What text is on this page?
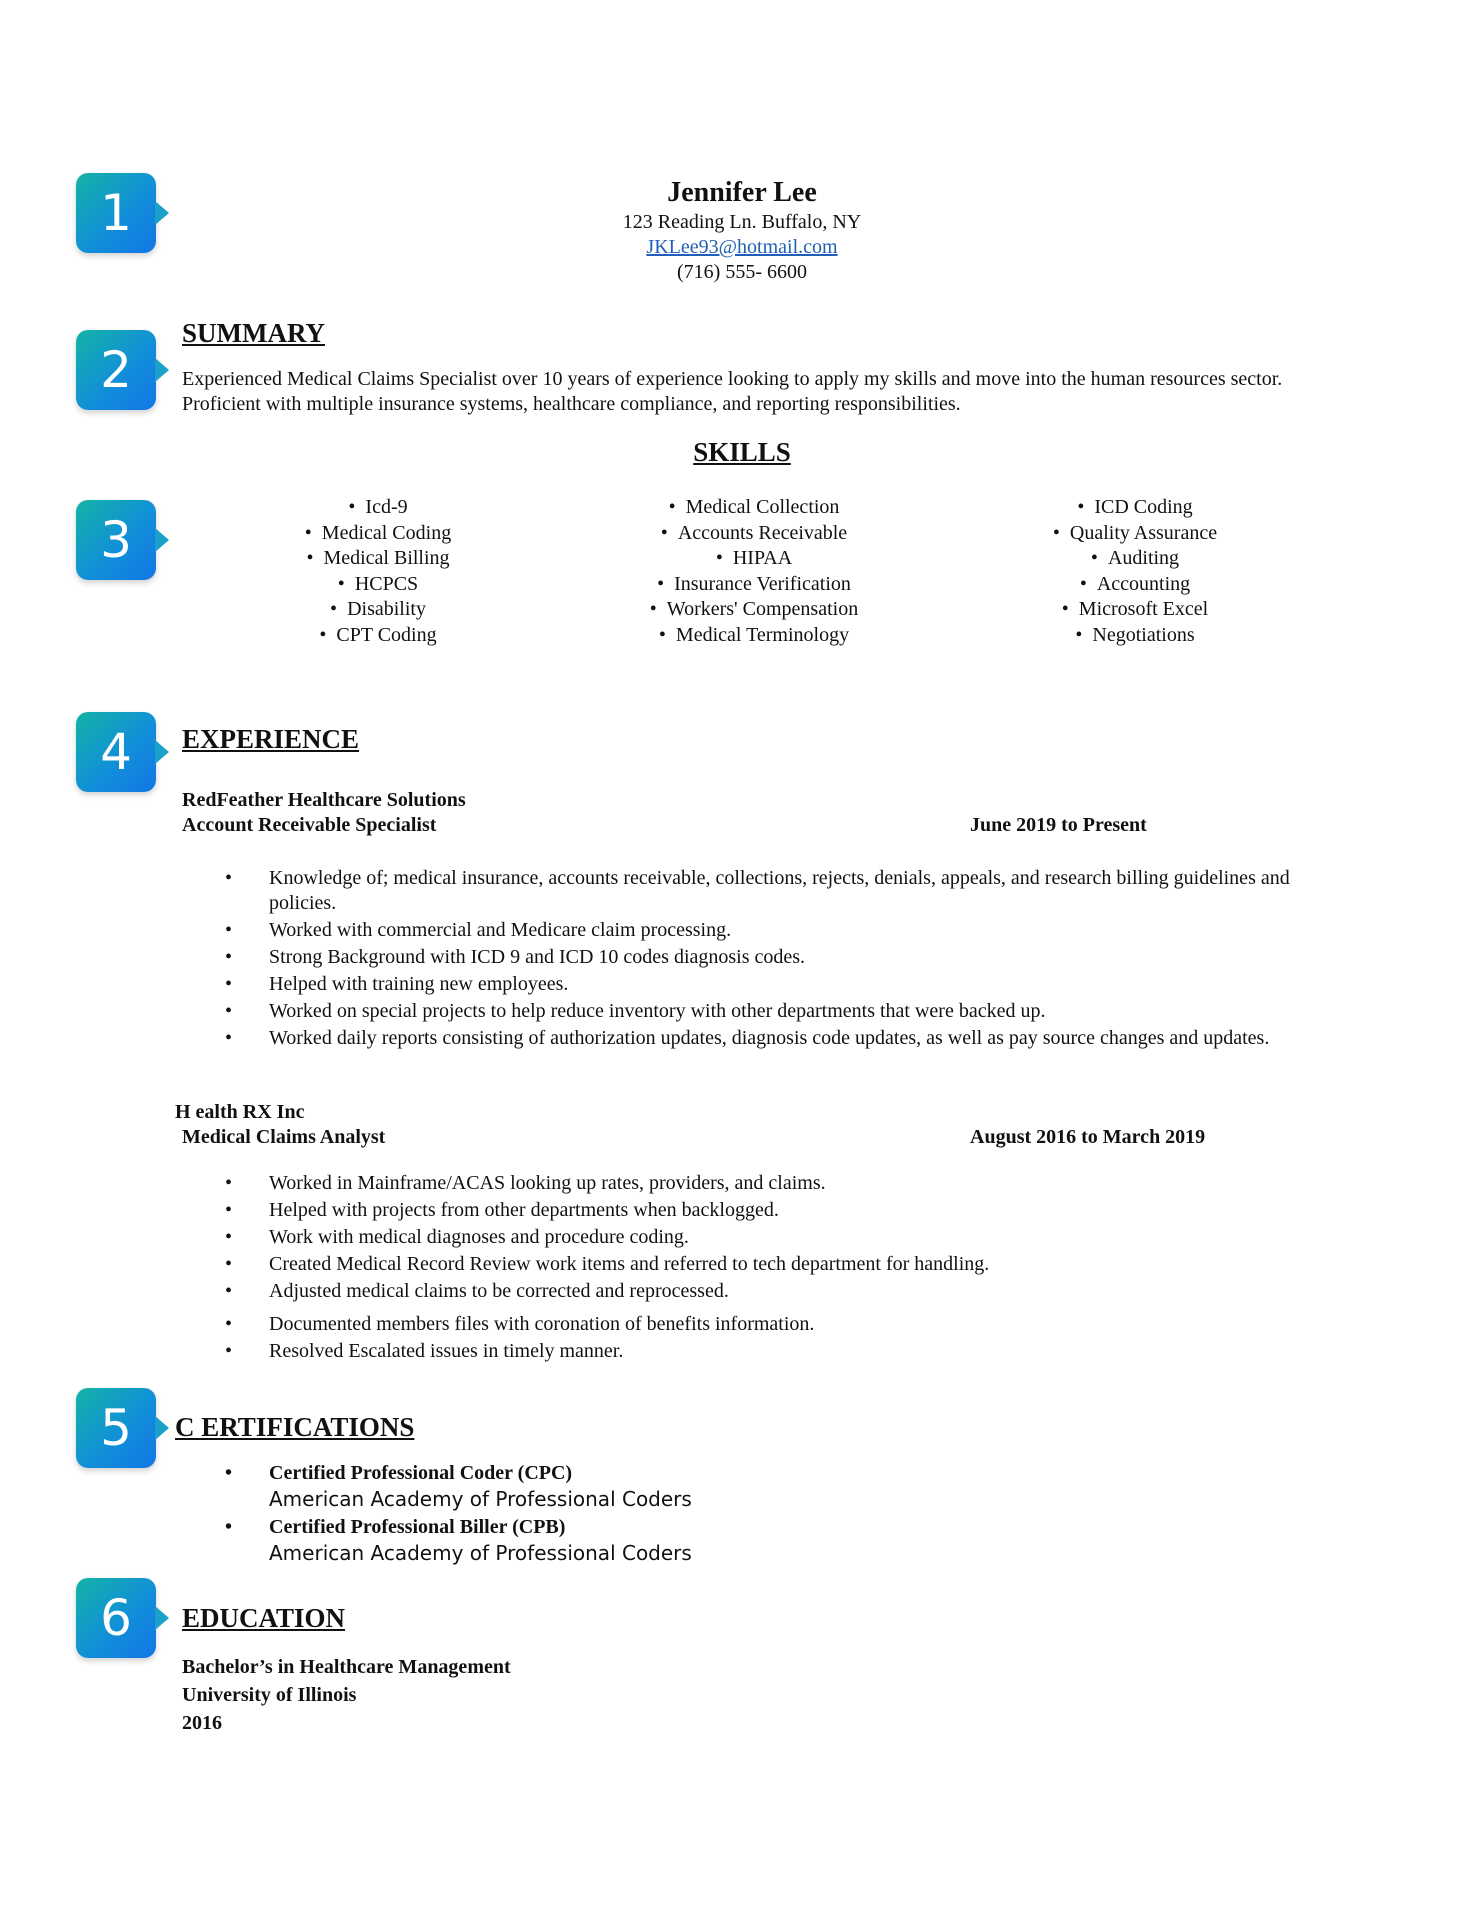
1
2
3
4
5
6
Jennifer Lee
123 Reading Ln. Buffalo, NY
JKLee93@hotmail.com
(716) 555- 6600
SUMMARY
Experienced Medical Claims Specialist over 10 years of experience looking to apply my skills and move into the human resources sector. Proficient with multiple insurance systems, healthcare compliance, and reporting responsibilities.
SKILLS
• Icd-9
• Medical Coding
• Medical Billing
• HCPCS
• Disability
• CPT Coding
• Medical Collection
• Accounts Receivable
• HIPAA
• Insurance Verification
• Workers' Compensation
• Medical Terminology
• ICD Coding
• Quality Assurance
• Auditing
• Accounting
• Microsoft Excel
• Negotiations
EXPERIENCE
RedFeather Healthcare Solutions
Account Receivable Specialist	June 2019 to Present
• Knowledge of; medical insurance, accounts receivable, collections, rejects, denials, appeals, and research billing guidelines and policies.
• Worked with commercial and Medicare claim processing.
• Strong Background with ICD 9 and ICD 10 codes diagnosis codes.
• Helped with training new employees.
• Worked on special projects to help reduce inventory with other departments that were backed up.
• Worked daily reports consisting of authorization updates, diagnosis code updates, as well as pay source changes and updates.
H ealth RX Inc
Medical Claims Analyst	August 2016 to March 2019
• Worked in Mainframe/ACAS looking up rates, providers, and claims.
• Helped with projects from other departments when backlogged.
• Work with medical diagnoses and procedure coding.
• Created Medical Record Review work items and referred to tech department for handling.
• Adjusted medical claims to be corrected and reprocessed.
• Documented members files with coronation of benefits information.
• Resolved Escalated issues in timely manner.
C ERTIFICATIONS
• Certified Professional Coder (CPC)
American Academy of Professional Coders
• Certified Professional Biller (CPB)
American Academy of Professional Coders
EDUCATION
Bachelor’s in Healthcare Management
University of Illinois
2016
